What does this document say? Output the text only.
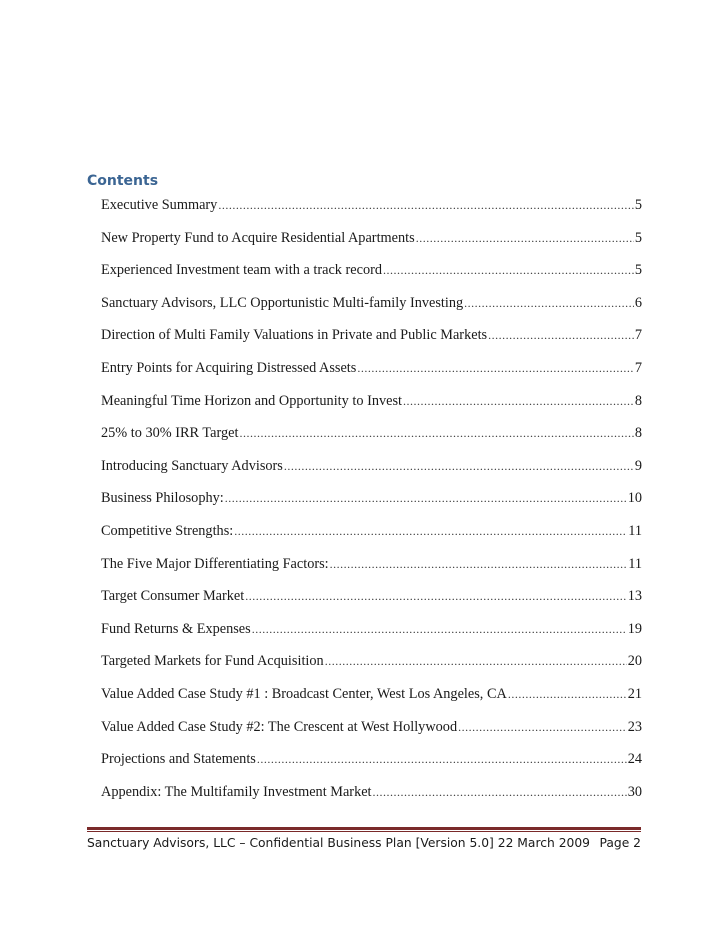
Contents
Executive Summary .....	5
New Property Fund to Acquire Residential Apartments .....	5
Experienced Investment team with a track record .....	5
Sanctuary Advisors, LLC Opportunistic Multi-family Investing .....	6
Direction of Multi Family Valuations in Private and Public Markets .....	7
Entry Points for Acquiring Distressed Assets .....	7
Meaningful Time Horizon and Opportunity to Invest .....	8
25% to 30% IRR Target .....	8
Introducing Sanctuary Advisors .....	9
Business Philosophy: .....	10
Competitive Strengths: .....	11
The Five Major Differentiating Factors: .....	11
Target Consumer Market .....	13
Fund Returns & Expenses .....	19
Targeted Markets for Fund Acquisition .....	20
Value Added Case Study #1 : Broadcast Center, West Los Angeles, CA .....	21
Value Added Case Study #2: The Crescent at West Hollywood .....	23
Projections and Statements .....	24
Appendix: The Multifamily Investment Market .....	30
Sanctuary Advisors, LLC – Confidential Business Plan [Version 5.0] 22 March 2009 Page 2
